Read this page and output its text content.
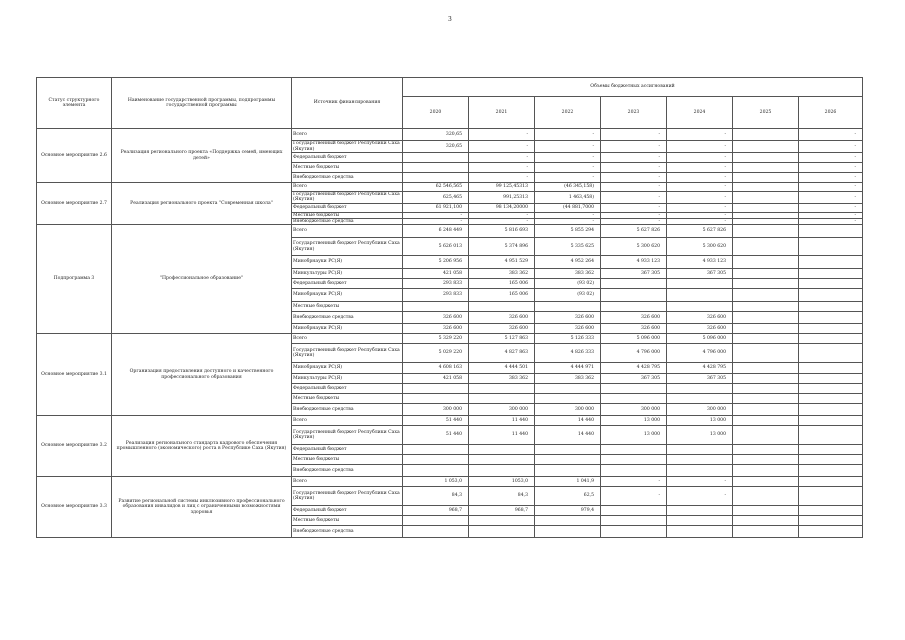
3
Статус структурного элемента	Наименование государственной программы, подпрограммы государственной программы	Источник финансирования	Объемы бюджетных ассигнований						
			2020	2021	2022	2023	2024	2025	2026
Основное мероприятие 2.6	Реализация регионального проекта «Поддержка семей, имеющих детей»	Всего	320,65	-	-	-	-		-
		Государственный бюджет Республики Саха (Якутия)	320,65	-	-	-	-		-
		Федеральный бюджет		-	-	-	-		-
		Местные бюджеты		-	-	-	-		-
		Внебюджетные средства		-	-	-	-		-
Основное мероприятие 2.7	Реализация регионального проекта "Современная школа"	Всего	62 546,565	99 125,45313	(46 345,158)	-	-		-
		Государственный бюджет Республики Саха (Якутия)	625,465	991,25313	1 463,458)	-	-		-
		Федеральный бюджет	61 921,100	98 134,20000	(44 881,7000	-	-		-
		Местные бюджеты	-	-	-	-	-		-
		Внебюджетные средства	-	-	-	-	-		-
Подпрограмма 3	"Профессиональное образование"	Всего	6 248 449	5 816 693	5 855 294	5 627 826	5 627 826		
		Государственный бюджет Республики Саха (Якутия)	5 626 013	5 374 896	5 335 625	5 300 620	5 300 620		
		Минобрнауки РС(Я)	5 206 956	4 951 529	4 952 264	4 933 123	4 933 123		
		Минкультуры РС(Я)	421 058	383 362	383 362	367 305	367 305		
		Федеральный бюджет	293 833	165 006	(93 02)				
		Минобрнауки РС(Я)	293 833	165 006	(93 02)				
		Местные бюджеты							
		Внебюджетные средства	326 600	326 600	326 600	326 600	326 600		
		Минобрнауки РС(Я)	326 600	326 600	326 600	326 600	326 600		
Основное мероприятие 3.1	Организация предоставления доступного и качественного профессионального образования	Всего	5 329 220	5 127 863	5 126 333	5 096 000	5 096 000		
		Государственный бюджет Республики Саха (Якутия)	5 029 220	4 827 863	4 826 333	4 796 000	4 796 000		
		Минобрнауки РС(Я)	4 608 163	4 444 501	4 444 971	4 428 795	4 428 795		
		Минкультуры РС(Я)	421 058	383 362	383 362	367 305	367 305		
		Федеральный бюджет							
		Местные бюджеты							
		Внебюджетные средства	300 000	300 000	300 000	300 000	300 000		
Основное мероприятие 3.2	Реализация регионального стандарта кадрового обеспечения промышленного (экономического) роста в Республике Саха (Якутия)	Всего	51 440	11 440	14 440	13 000	13 000		
		Государственный бюджет Республики Саха (Якутия)	51 440	11 440	14 440	13 000	13 000		
		Федеральный бюджет							
		Местные бюджеты							
		Внебюджетные средства							
Основное мероприятие 3.3	Развитие региональной системы инклюзивного профессионального образования инвалидов и лиц с ограниченными возможностями здоровья	Всего	1 053,0	1053,0	1 041,9	-	-		
		Государственный бюджет Республики Саха (Якутия)	84,3	84,3	62,5	-	-		
		Федеральный бюджет	968,7	968,7	979,4				
		Местные бюджеты							
		Внебюджетные средства							
